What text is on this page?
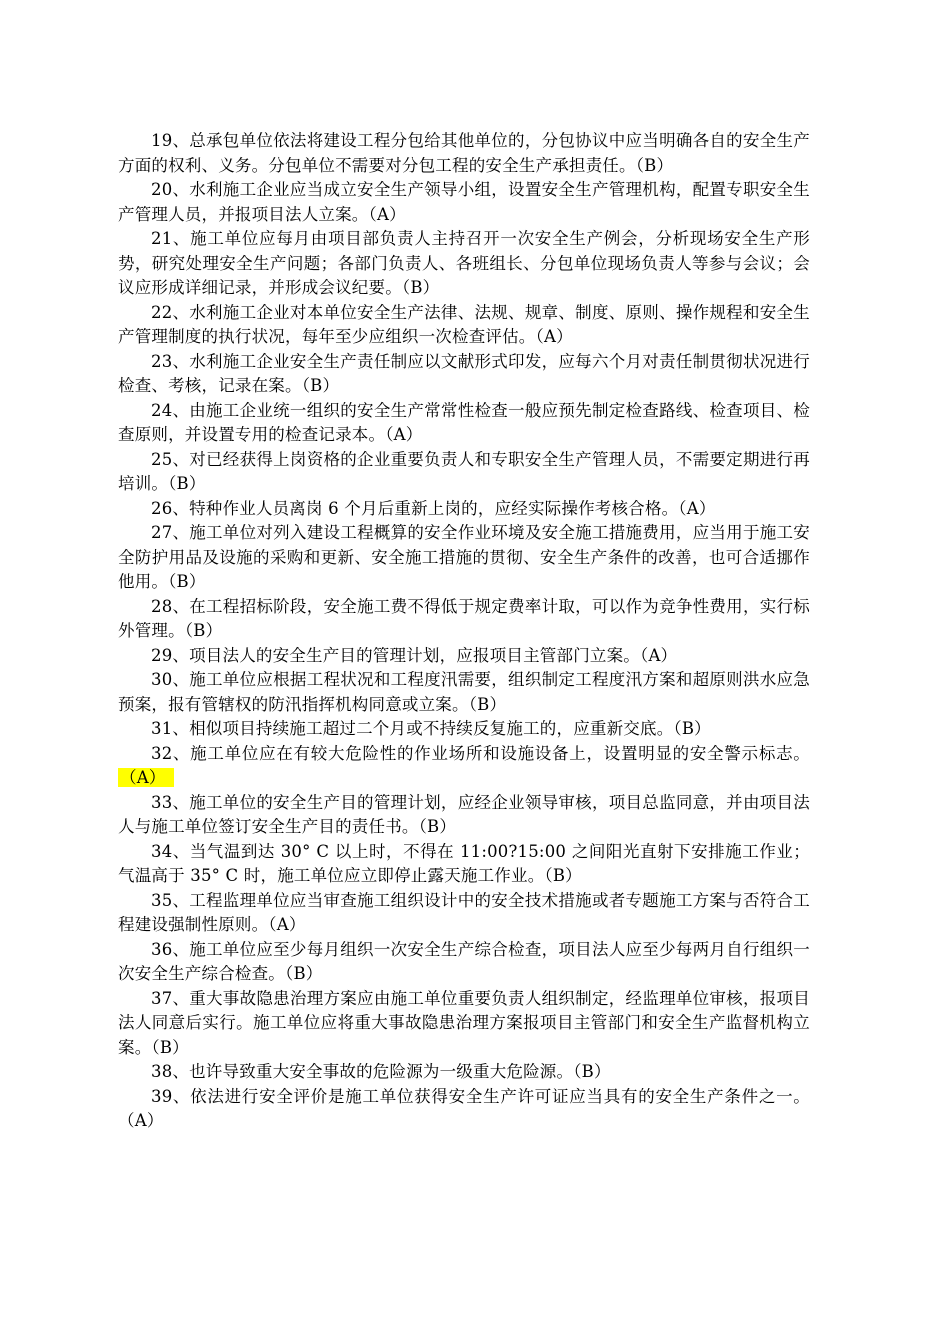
19、总承包单位依法将建设工程分包给其他单位的，分包协议中应当明确各自的安全生产方面的权利、义务。分包单位不需要对分包工程的安全生产承担责任。（B）

20、水利施工企业应当成立安全生产领导小组，设置安全生产管理机构，配置专职安全生产管理人员，并报项目法人立案。（A）

21、施工单位应每月由项目部负责人主持召开一次安全生产例会，分析现场安全生产形势，研究处理安全生产问题；各部门负责人、各班组长、分包单位现场负责人等参与会议；会议应形成详细记录，并形成会议纪要。（B）

22、水利施工企业对本单位安全生产法律、法规、规章、制度、原则、操作规程和安全生产管理制度的执行状况，每年至少应组织一次检查评估。（A）

23、水利施工企业安全生产责任制应以文献形式印发，应每六个月对责任制贯彻状况进行检查、考核，记录在案。（B）

24、由施工企业统一组织的安全生产常常性检查一般应预先制定检查路线、检查项目、检查原则，并设置专用的检查记录本。（A）

25、对已经获得上岗资格的企业重要负责人和专职安全生产管理人员，不需要定期进行再培训。（B）

26、特种作业人员离岗 6 个月后重新上岗的，应经实际操作考核合格。（A）

27、施工单位对列入建设工程概算的安全作业环境及安全施工措施费用，应当用于施工安全防护用品及设施的采购和更新、安全施工措施的贯彻、安全生产条件的改善，也可合适挪作他用。（B）

28、在工程招标阶段，安全施工费不得低于规定费率计取，可以作为竞争性费用，实行标外管理。（B）

29、项目法人的安全生产目的管理计划，应报项目主管部门立案。（A）

30、施工单位应根据工程状况和工程度汛需要，组织制定工程度汛方案和超原则洪水应急预案，报有管辖权的防汛指挥机构同意或立案。（B）

31、相似项目持续施工超过二个月或不持续反复施工的，应重新交底。（B）

32、施工单位应在有较大危险性的作业场所和设施设备上，设置明显的安全警示标志。（A）

33、施工单位的安全生产目的管理计划，应经企业领导审核，项目总监同意，并由项目法人与施工单位签订安全生产目的责任书。（B）

34、当气温到达 30° C 以上时，不得在 11:00?15:00 之间阳光直射下安排施工作业；气温高于 35° C 时，施工单位应立即停止露天施工作业。（B）

35、工程监理单位应当审查施工组织设计中的安全技术措施或者专题施工方案与否符合工程建设强制性原则。（A）

36、施工单位应至少每月组织一次安全生产综合检查，项目法人应至少每两月自行组织一次安全生产综合检查。（B）

37、重大事故隐患治理方案应由施工单位重要负责人组织制定，经监理单位审核，报项目法人同意后实行。施工单位应将重大事故隐患治理方案报项目主管部门和安全生产监督机构立案。（B）

38、也许导致重大安全事故的危险源为一级重大危险源。（B）

39、依法进行安全评价是施工单位获得安全生产许可证应当具有的安全生产条件之一。（A）
